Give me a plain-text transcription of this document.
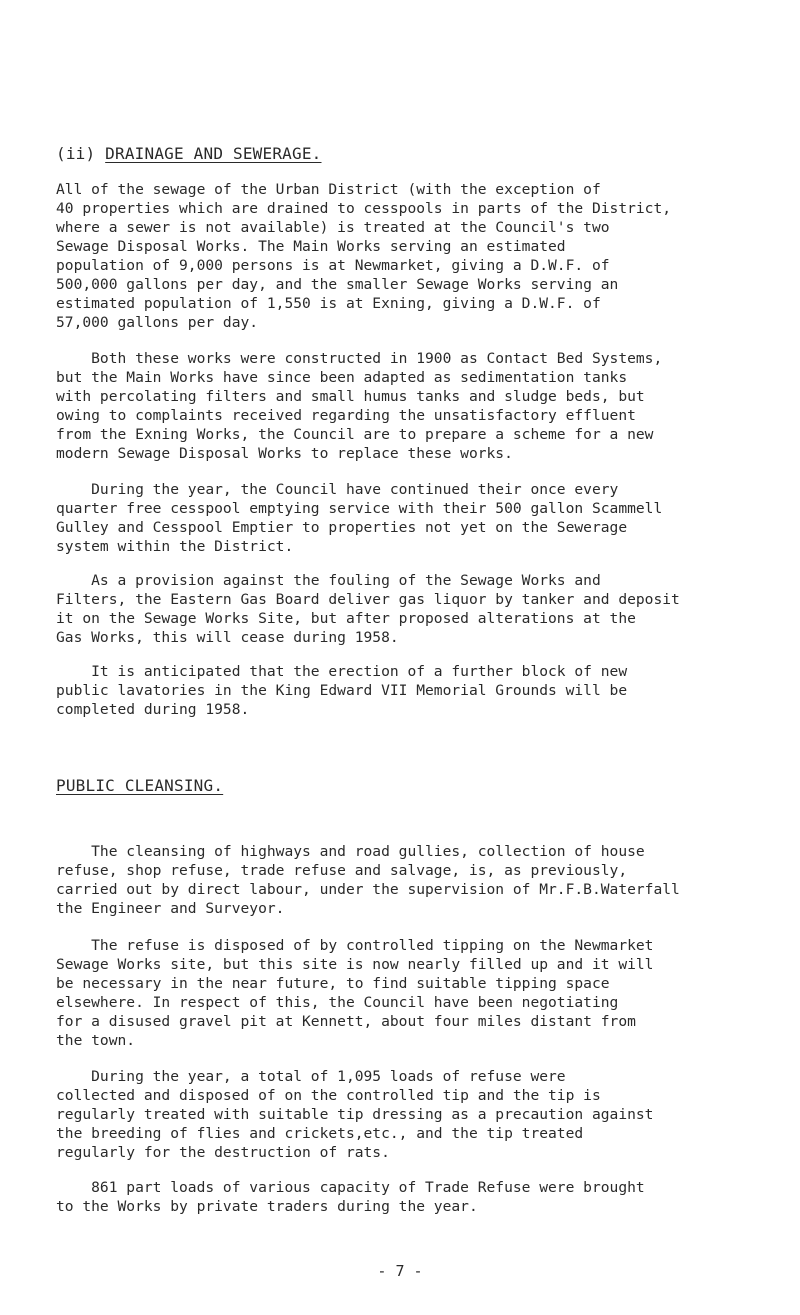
(ii) DRAINAGE AND SEWERAGE.
All of the sewage of the Urban District (with the exception of
40 properties which are drained to cesspools in parts of the District,
where a sewer is not available) is treated at the Council's two
Sewage Disposal Works. The Main Works serving an estimated
population of 9,000 persons is at Newmarket, giving a D.W.F. of
500,000 gallons per day, and the smaller Sewage Works serving an
estimated population of 1,550 is at Exning, giving a D.W.F. of
57,000 gallons per day.
Both these works were constructed in 1900 as Contact Bed Systems,
but the Main Works have since been adapted as sedimentation tanks
with percolating filters and small humus tanks and sludge beds, but
owing to complaints received regarding the unsatisfactory effluent
from the Exning Works, the Council are to prepare a scheme for a new
modern Sewage Disposal Works to replace these works.
During the year, the Council have continued their once every
quarter free cesspool emptying service with their 500 gallon Scammell
Gulley and Cesspool Emptier to properties not yet on the Sewerage
system within the District.
As a provision against the fouling of the Sewage Works and
Filters, the Eastern Gas Board deliver gas liquor by tanker and deposit
it on the Sewage Works Site, but after proposed alterations at the
Gas Works, this will cease during 1958.
It is anticipated that the erection of a further block of new
public lavatories in the King Edward VII Memorial Grounds will be
completed during 1958.
PUBLIC CLEANSING.
The cleansing of highways and road gullies, collection of house
refuse, shop refuse, trade refuse and salvage, is, as previously,
carried out by direct labour, under the supervision of Mr.F.B.Waterfall
the Engineer and Surveyor.
The refuse is disposed of by controlled tipping on the Newmarket
Sewage Works site, but this site is now nearly filled up and it will
be necessary in the near future, to find suitable tipping space
elsewhere. In respect of this, the Council have been negotiating
for a disused gravel pit at Kennett, about four miles distant from
the town.
During the year, a total of 1,095 loads of refuse were
collected and disposed of on the controlled tip and the tip is
regularly treated with suitable tip dressing as a precaution against
the breeding of flies and crickets,etc., and the tip treated
regularly for the destruction of rats.
861 part loads of various capacity of Trade Refuse were brought
to the Works by private traders during the year.
- 7 -
